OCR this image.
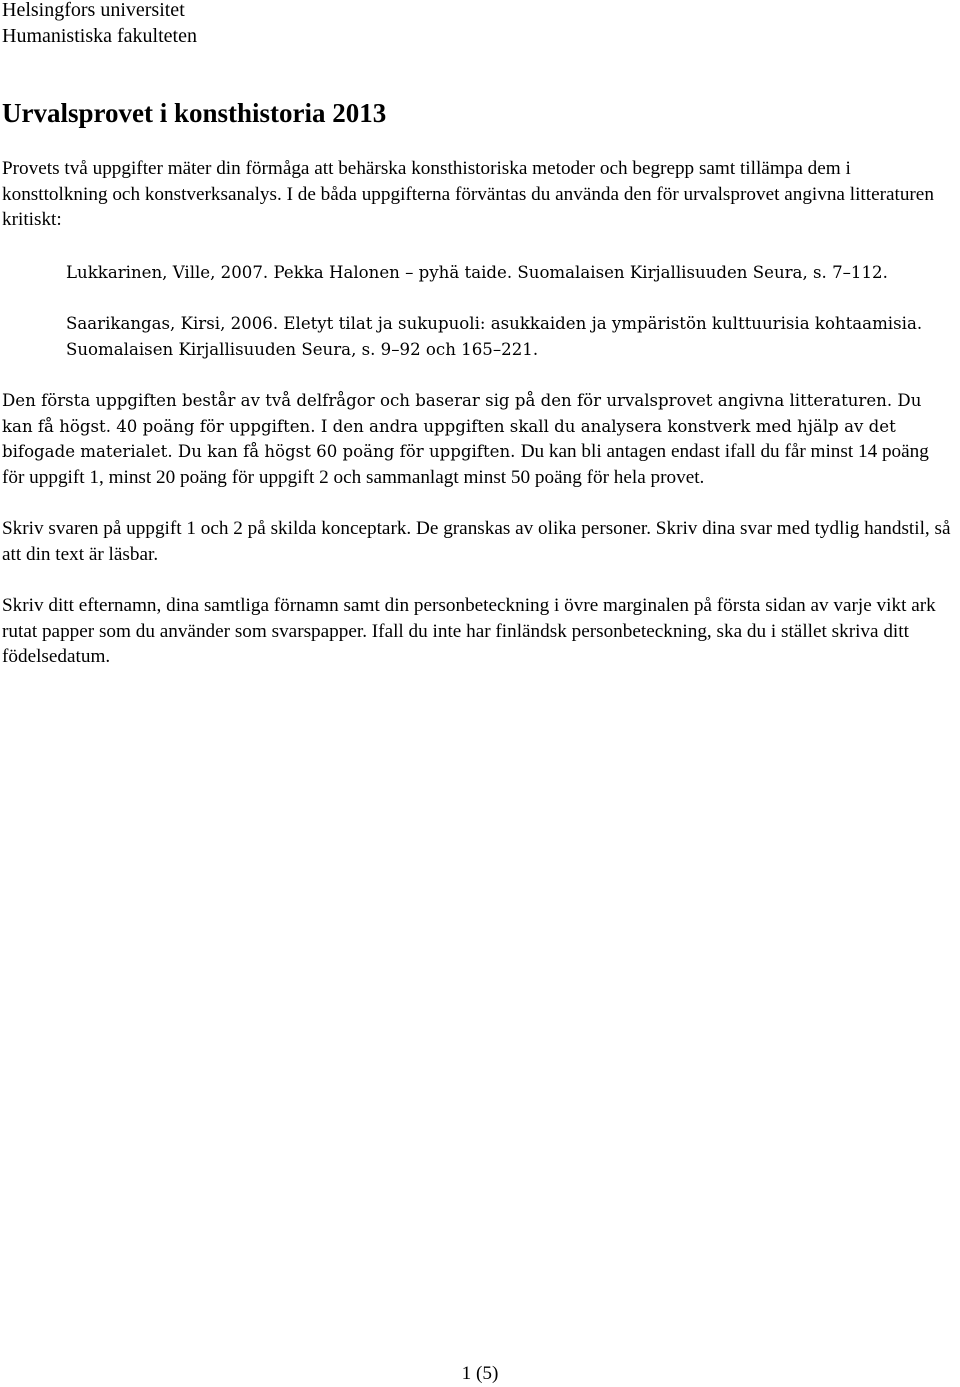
Helsingfors universitet
Humanistiska fakulteten
Urvalsprovet i konsthistoria 2013

Provets två uppgifter mäter din förmåga att behärska konsthistoriska metoder och begrepp samt tillämpa dem i konsttolkning och konstverksanalys. I de båda uppgifterna förväntas du använda den för urvalsprovet angivna litteraturen kritiskt:

Lukkarinen, Ville, 2007. Pekka Halonen – pyhä taide. Suomalaisen Kirjallisuuden Seura, s. 7–112.

Saarikangas, Kirsi, 2006. Eletyt tilat ja sukupuoli: asukkaiden ja ympäristön kulttuurisia kohtaamisia. Suomalaisen Kirjallisuuden Seura, s. 9–92 och 165–221.

Den första uppgiften består av två delfrågor och baserar sig på den för urvalsprovet angivna litteraturen. Du kan få högst. 40 poäng för uppgiften. I den andra uppgiften skall du analysera konstverk med hjälp av det bifogade materialet. Du kan få högst 60 poäng för uppgiften. Du kan bli antagen endast ifall du får minst 14 poäng för uppgift 1, minst 20 poäng för uppgift 2 och sammanlagt minst 50 poäng för hela provet.

Skriv svaren på uppgift 1 och 2 på skilda konceptark. De granskas av olika personer. Skriv dina svar med tydlig handstil, så att din text är läsbar.

Skriv ditt efternamn, dina samtliga förnamn samt din personbeteckning i övre marginalen på första sidan av varje vikt ark rutat papper som du använder som svarspapper. Ifall du inte har finländsk personbeteckning, ska du i stället skriva ditt födelsedatum.

1 (5)
